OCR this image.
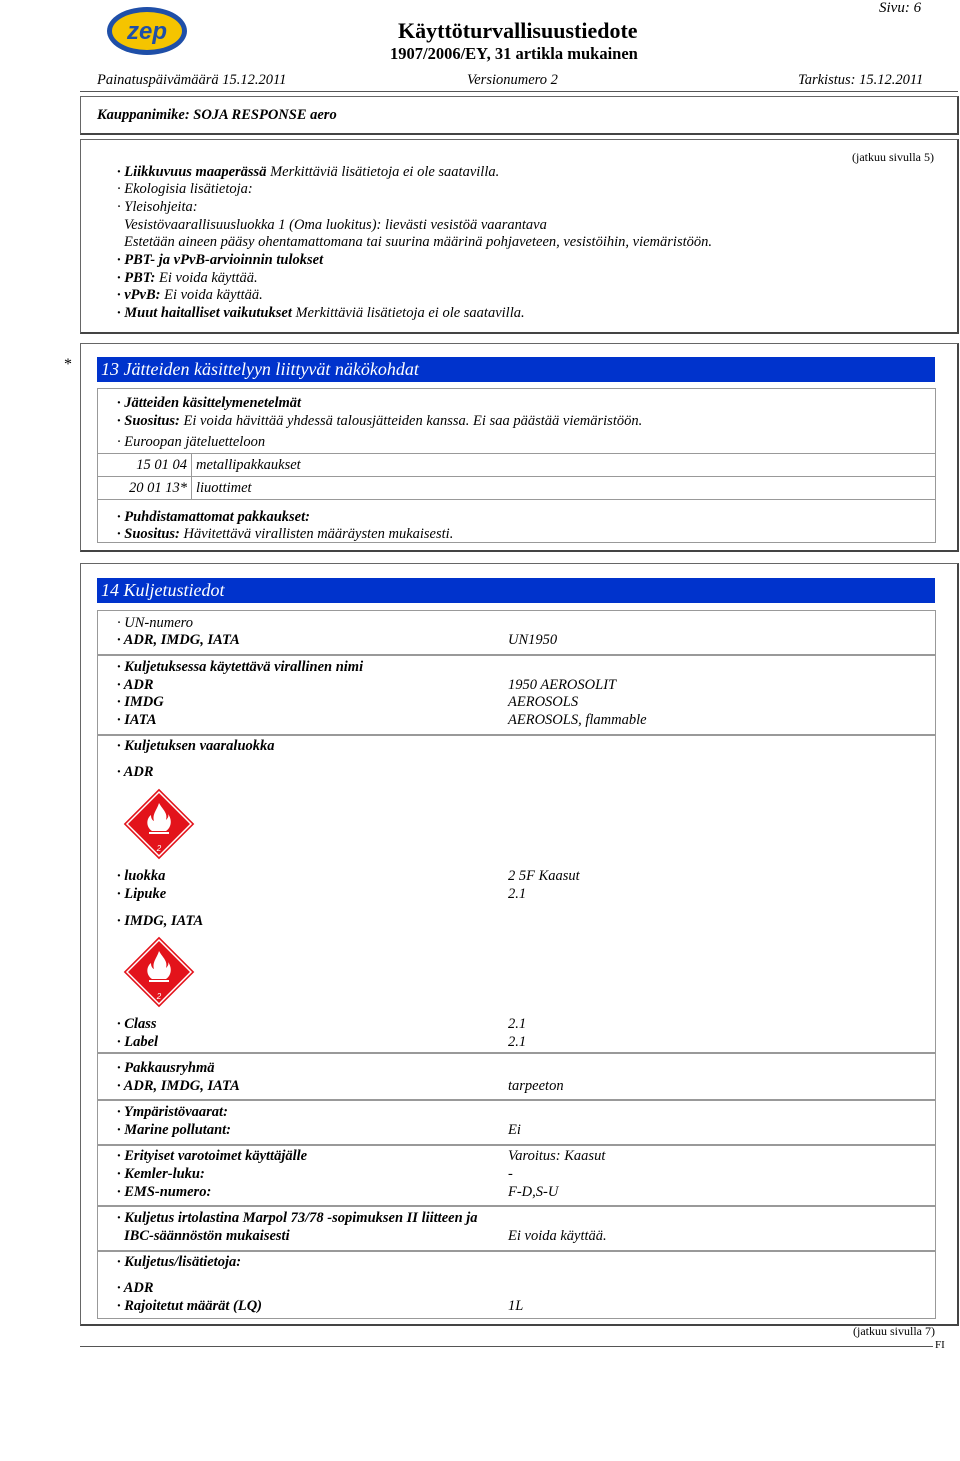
zep	Käyttöturvallisuustiedote
1907/2006/EY, 31 artikla mukainen
Sivu: 6
Painatuspäivämäärä 15.12.2011	Versionumero 2	Tarkistus: 15.12.2011
Kauppanimike: SOJA RESPONSE aero
(jatkuu sivulla 5)
· Liikkuvuus maaperässä Merkittäviä lisätietoja ei ole saatavilla.
· Ekologisia lisätietoja:
· Yleisohjeita:
Vesistövaarallisuusluokka 1 (Oma luokitus): lievästi vesistöä vaarantava
Estetään aineen pääsy ohentamattomana tai suurina määrinä pohjaveteen, vesistöihin, viemäristöön.
· PBT- ja vPvB-arvioinnin tulokset
· PBT: Ei voida käyttää.
· vPvB: Ei voida käyttää.
· Muut haitalliset vaikutukset Merkittäviä lisätietoja ei ole saatavilla.
* 13 Jätteiden käsittelyyn liittyvät näkökohdat
· Jätteiden käsittelymenetelmät
· Suositus: Ei voida hävittää yhdessä talousjätteiden kanssa. Ei saa päästää viemäristöön.
· Euroopan jäteluetteloon
15 01 04	metallipakkaukset
20 01 13*	liuottimet
· Puhdistamattomat pakkaukset:
· Suositus: Hävitettävä virallisten määräysten mukaisesti.
14 Kuljetustiedot
· UN-numero
· ADR, IMDG, IATA	UN1950
· Kuljetuksessa käytettävä virallinen nimi
· ADR	1950 AEROSOLIT
· IMDG	AEROSOLS
· IATA	AEROSOLS, flammable
· Kuljetuksen vaaraluokka
· ADR
2
· luokka	2 5F Kaasut
· Lipuke	2.1
· IMDG, IATA
2
· Class	2.1
· Label	2.1
· Pakkausryhmä
· ADR, IMDG, IATA	tarpeeton
· Ympäristövaarat:
· Marine pollutant:	Ei
· Erityiset varotoimet käyttäjälle	Varoitus: Kaasut
· Kemler-luku:	-
· EMS-numero:	F-D,S-U
· Kuljetus irtolastina Marpol 73/78 -sopimuksen II liitteen ja
IBC-säännöstön mukaisesti	Ei voida käyttää.
· Kuljetus/lisätietoja:
· ADR
· Rajoitetut määrät (LQ)	1L
(jatkuu sivulla 7)
FI
